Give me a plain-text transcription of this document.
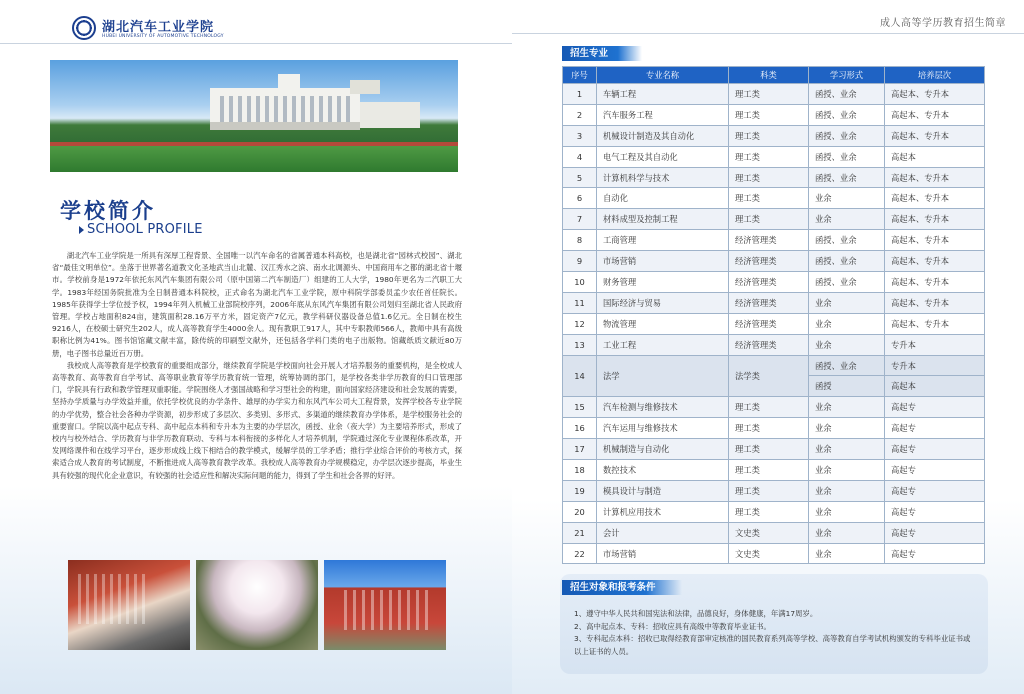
湖北汽车工业学院
HUBEI UNIVERSITY OF AUTOMOTIVE TECHNOLOGY
学校简介
SCHOOL PROFILE

湖北汽车工业学院是一所具有深厚工程背景、全国唯一以汽车命名的省属普通本科高校，也是湖北省“园林式校园”、湖北省“最佳文明单位”。坐落于世界著名道教文化圣地武当山北麓、汉江秀水之滨、南水北调源头、中国商用车之都的湖北省十堰市。学校前身是1972年依托东风汽车集团有限公司（原中国第二汽车制造厂）组建的工人大学，1980年更名为二汽职工大学。1983年经国务院批准为全日制普通本科院校，正式命名为湖北汽车工业学院，原中科院学部委员孟少农任首任院长。1985年获得学士学位授予权，1994年列入机械工业部院校序列，2006年底从东风汽车集团有限公司划归至湖北省人民政府管理。学校占地面积824亩，建筑面积28.16万平方米，固定资产7亿元，教学科研仪器设备总值1.6亿元。全日制在校生9216人，在校硕士研究生202人，成人高等教育学生4000余人。现有教职工917人，其中专职教师566人，教师中具有高级职称比例为41%。图书馆馆藏文献丰富，除传统的印刷型文献外，还包括各学科门类的电子出版物。馆藏纸质文献近80万册，电子图书总量近百万册。

我校成人高等教育是学校教育的重要组成部分，继续教育学院是学校面向社会开展人才培养服务的重要机构，是全校成人高等教育、高等教育自学考试、高等职业教育等学历教育统一管理，统筹协调的部门，是学校各类非学历教育的归口管理部门，学院具有行政和教学管理双重职能。学院围绕人才强国战略和学习型社会的构建，面向国家经济建设和社会发展的需要，坚持办学质量与办学效益并重，依托学校优良的办学条件、雄厚的办学实力和东风汽车公司大工程背景，发挥学校各专业学院的办学优势，整合社会各种办学资源，初步形成了多层次、多类别、多形式、多渠道的继续教育办学体系，是学校服务社会的重要窗口。学院以高中起点专科、高中起点本科和专升本为主要的办学层次，函授、业余（夜大学）为主要培养形式，形成了校内与校外结合、学历教育与非学历教育联动、专科与本科衔接的多样化人才培养机制，学院通过深化专业课程体系改革，开发网络课件和在线学习平台，逐步形成线上线下相结合的教学模式，缓解学员的工学矛盾；推行学业综合评价的考核方式，探索适合成人教育的考试制度，不断推进成人高等教育教学改革。我校成人高等教育办学规模稳定，办学层次逐步提高，毕业生具有较强的现代化企业意识，有较强的社会适应性和解决实际问题的能力，得到了学生和社会各界的好评。

成人高等学历教育招生简章
招生专业
序号	专业名称	科类	学习形式	培养层次
1	车辆工程	理工类	函授、业余	高起本、专升本
2	汽车服务工程	理工类	函授、业余	高起本、专升本
3	机械设计制造及其自动化	理工类	函授、业余	高起本、专升本
4	电气工程及其自动化	理工类	函授、业余	高起本
5	计算机科学与技术	理工类	函授、业余	高起本、专升本
6	自动化	理工类	业余	高起本、专升本
7	材料成型及控制工程	理工类	业余	高起本、专升本
8	工商管理	经济管理类	函授、业余	高起本、专升本
9	市场营销	经济管理类	函授、业余	高起本、专升本
10	财务管理	经济管理类	函授、业余	高起本、专升本
11	国际经济与贸易	经济管理类	业余	高起本、专升本
12	物流管理	经济管理类	业余	高起本、专升本
13	工业工程	经济管理类	业余	专升本
14	法学	法学类	函授、业余	专升本
			函授	高起本
15	汽车检测与维修技术	理工类	业余	高起专
16	汽车运用与维修技术	理工类	业余	高起专
17	机械制造与自动化	理工类	业余	高起专
18	数控技术	理工类	业余	高起专
19	模具设计与制造	理工类	业余	高起专
20	计算机应用技术	理工类	业余	高起专
21	会计	文史类	业余	高起专
22	市场营销	文史类	业余	高起专
招生对象和报考条件
1、遵守中华人民共和国宪法和法律，品德良好，身体健康，年满17周岁。
2、高中起点本、专科：招收应具有高级中等教育毕业证书。
3、专科起点本科：招收已取得经教育部审定核准的国民教育系列高等学校、高等教育自学考试机构颁发的专科毕业证书或以上证书的人员。
